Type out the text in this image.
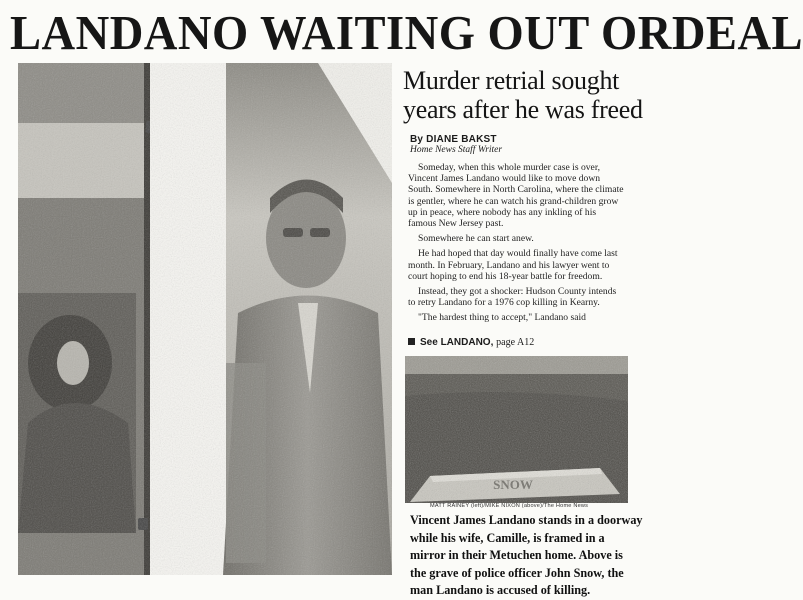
LANDANO WAITING OUT ORDEAL
Murder retrial sought
years after he was freed
By DIANE BAKST
Home News Staff Writer

Someday, when this whole murder case is over, Vincent James Landano would like to move down South. Somewhere in North Carolina, where the climate is gentler, where he can watch his grand-children grow up in peace, where nobody has any inkling of his famous New Jersey past.

Somewhere he can start anew.

He had hoped that day would finally have come last month. In February, Landano and his lawyer went to court hoping to end his 18-year battle for freedom.

Instead, they got a shocker: Hudson County intends to retry Landano for a 1976 cop killing in Kearny.

"The hardest thing to accept," Landano said

See LANDANO, page A12
MATT RAINEY (left)/MIKE NIXON (above)/The Home News
Vincent James Landano stands in a doorway
while his wife, Camille, is framed in a
mirror in their Metuchen home. Above is
the grave of police officer John Snow, the
man Landano is accused of killing.
